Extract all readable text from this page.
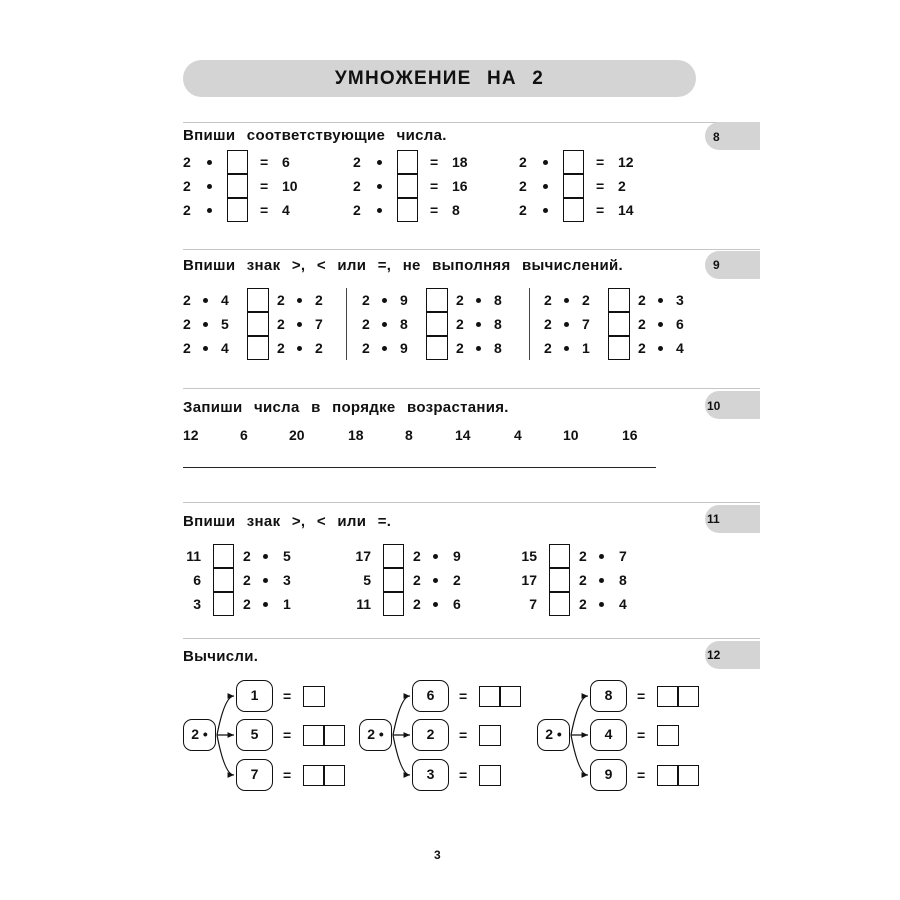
УМНОЖЕНИЕ НА 2
8
Впиши соответствующие числа.
2	= 6
2	= 10
2	= 4
2	= 18
2	= 16
2	= 8
2	= 12
2	= 2
2	= 14
9
Впиши знак >, < или =, не выполняя вычислений.
2 4	2 2
2 5	2 7
2 4	2 2
2 9	2 8
2 8	2 8
2 9	2 8
2 2	2 3
2 7	2 6
2 1	2 4
10
Запиши числа в порядке возрастания.
12	6	20	18	8	14	4	10	16
11
Впиши знак >, < или =.
11	2 5
6	2 3
3	2 1
17	2 9
5	2 2
11	2 6
15	2 7
17	2 8
7	2 4
12
Вычисли.
2 •
1	=
5	=
7	=
2 •
6	=
2	=
3	=
2 •
8	=
4	=
9	=
3
